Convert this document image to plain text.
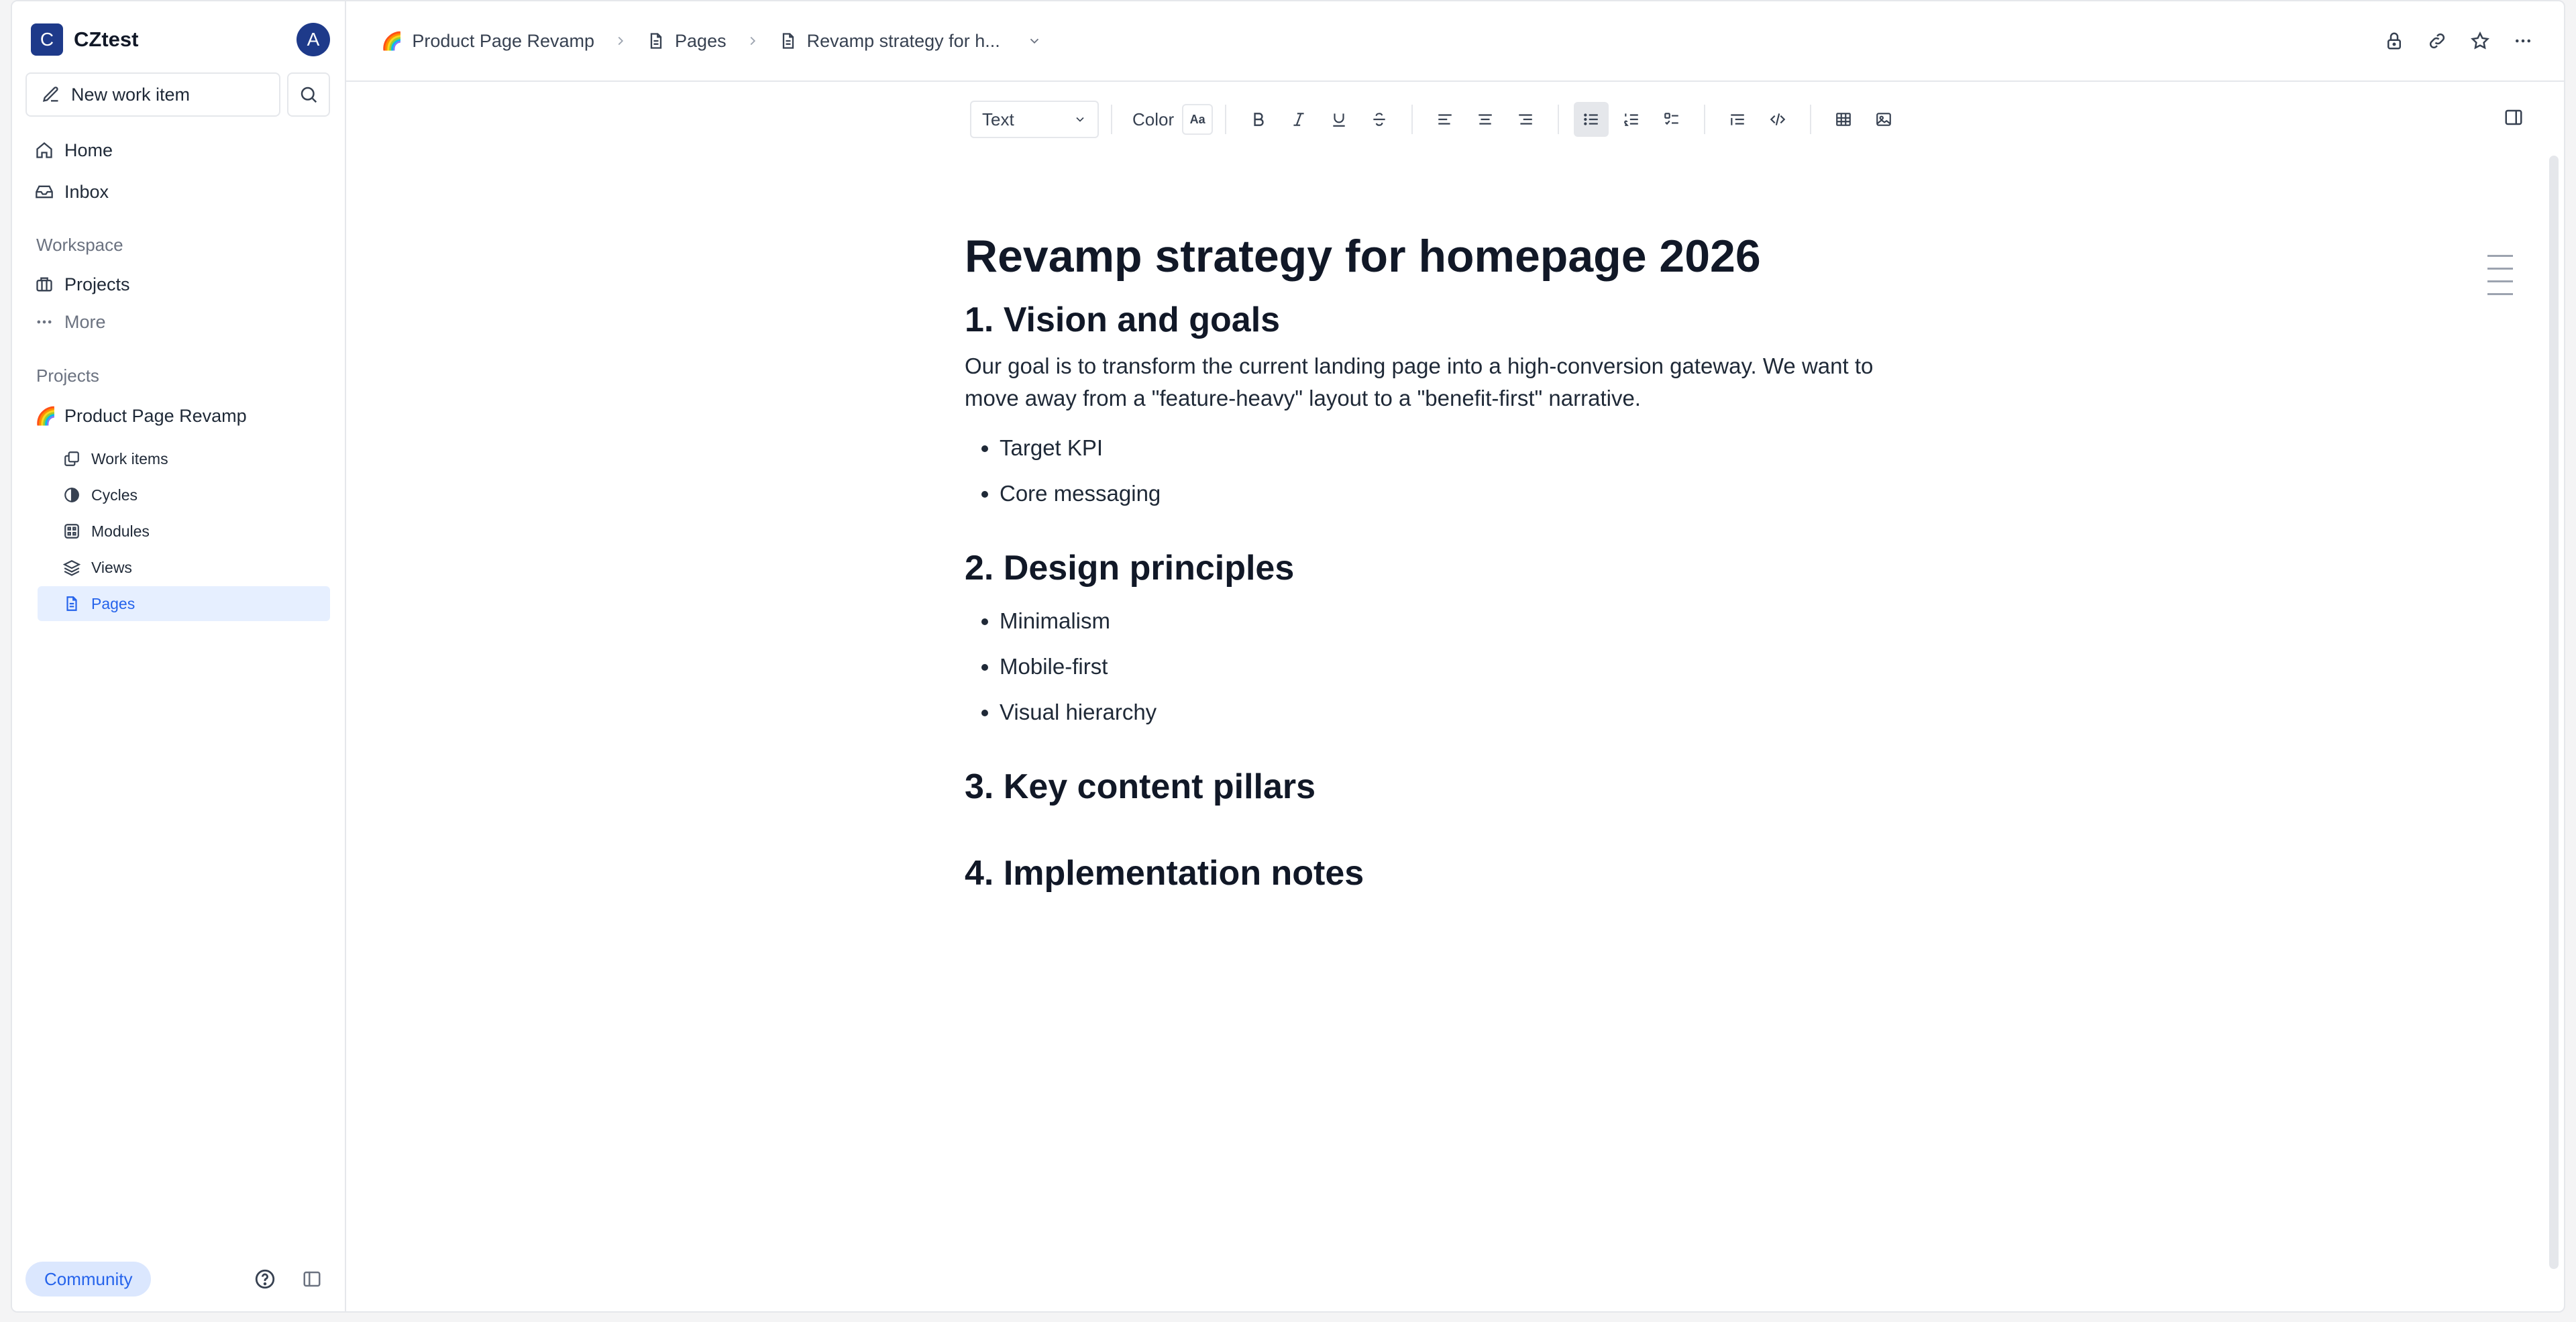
C CZtest	A
New work item
Home
Inbox
Workspace
Projects
More
Projects
🌈 Product Page Revamp
Work items
Cycles
Modules
Views
Pages
Community
🌈 Product Page Revamp	Pages	Revamp strategy for h...
Text	Color	Aa
Revamp strategy for homepage 2026
1. Vision and goals

Our goal is to transform the current landing page into a high-conversion gateway. We want to move away from a "feature-heavy" layout to a "benefit-first" narrative.

• Target KPI
• Core messaging
2. Design principles
• Minimalism
• Mobile-first
• Visual hierarchy
3. Key content pillars
4. Implementation notes
